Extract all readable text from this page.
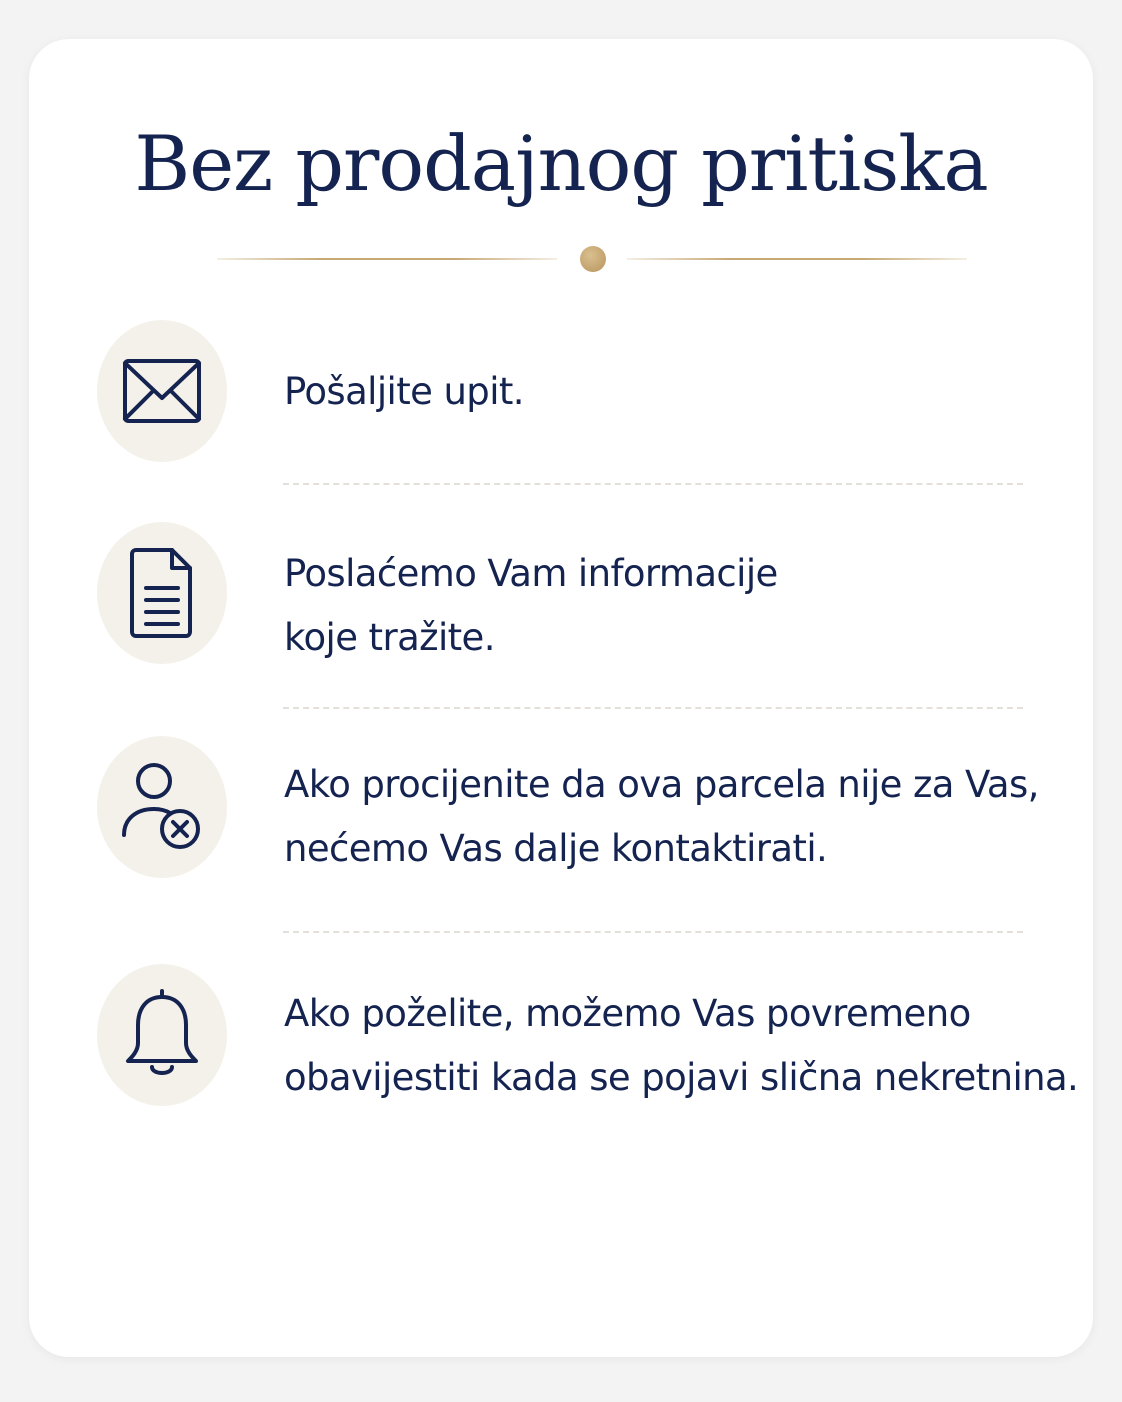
Bez prodajnog pritiska
Pošaljite upit.
Poslaćemo Vam informacije
koje tražite.
Ako procijenite da ova parcela nije za Vas,
nećemo Vas dalje kontaktirati.
Ako poželite, možemo Vas povremeno
obavijestiti kada se pojavi slična nekretnina.
